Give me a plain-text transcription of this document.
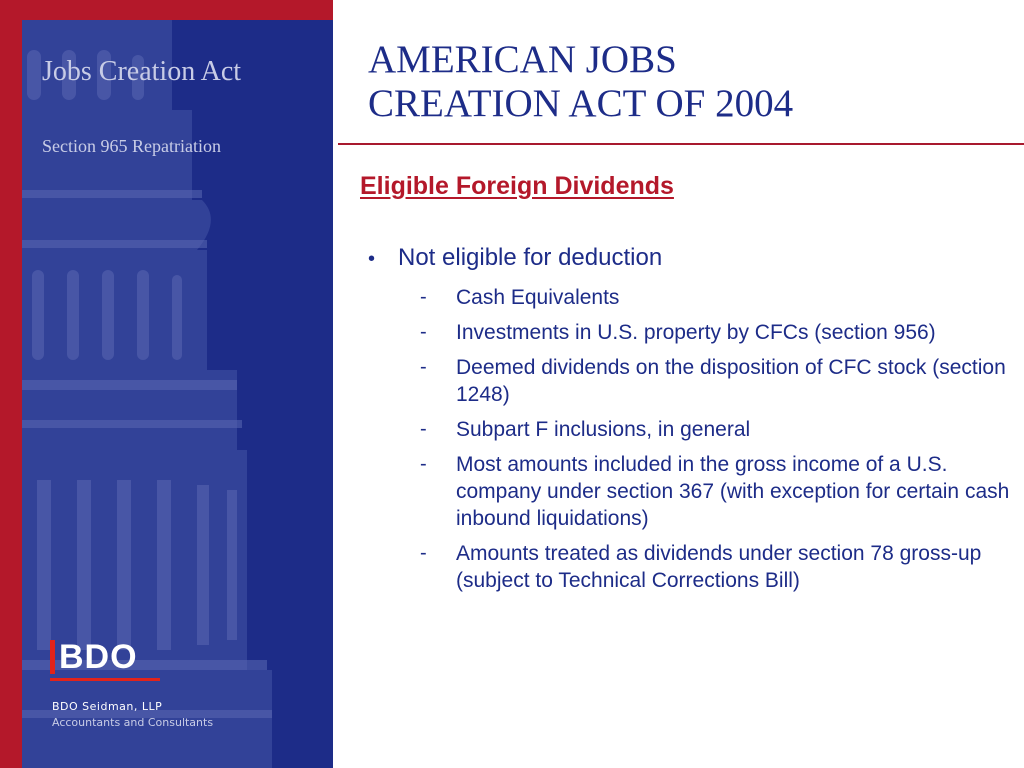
Jobs Creation Act

Section 965 Repatriation

BDO

BDO Seidman, LLP

Accountants and Consultants

AMERICAN JOBS
CREATION ACT OF 2004
Eligible Foreign Dividends
• Not eligible for deduction
-	Cash Equivalents
-	Investments in U.S. property by CFCs (section 956)
-	Deemed dividends on the disposition of CFC stock (section 1248)
-	Subpart F inclusions, in general
-	Most amounts included in the gross income of a U.S. company under section 367 (with exception for certain cash inbound liquidations)
-	Amounts treated as dividends under section 78 gross-up (subject to Technical Corrections Bill)
